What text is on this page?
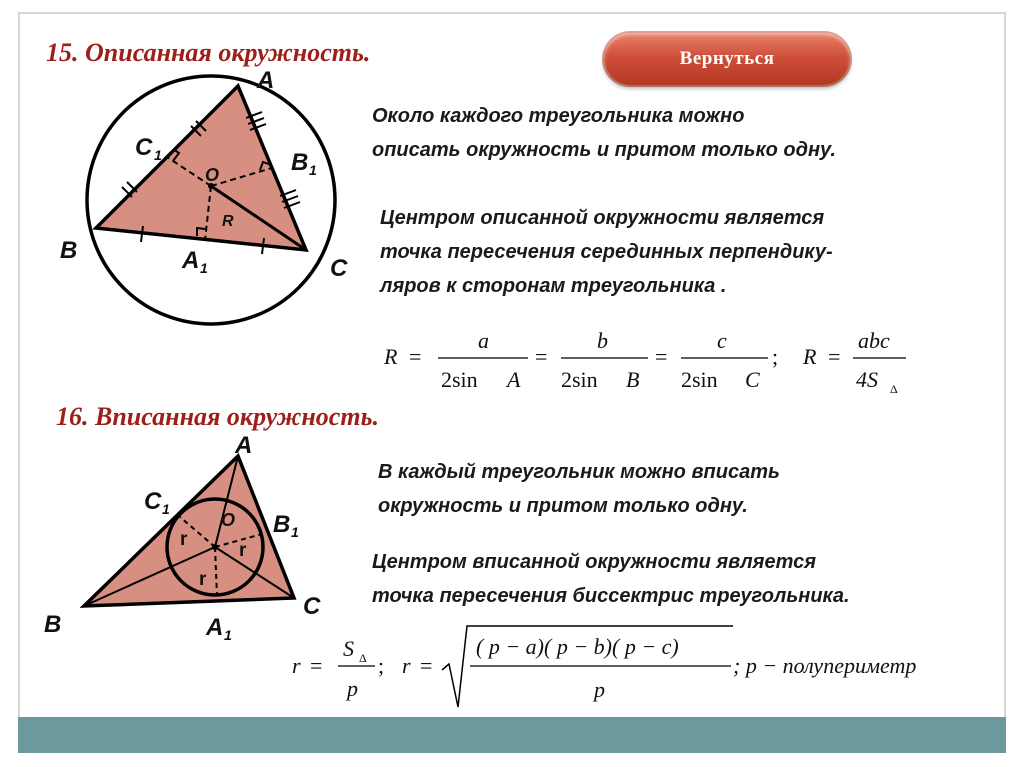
15. Описанная окружность.
16. Вписанная окружность.
Вернуться
Около каждого треугольника можно
описать окружность и притом только одну.
Центром описанной окружности является
точка пересечения серединных перпендику-
ляров к сторонам треугольника .
В каждый треугольник можно вписать
окружность и притом только одну.
Центром вписанной окружности является
точка пересечения биссектрис треугольника.
A
B
C
C 1	B 1
A 1
O
R
R =
a
2sin A
=
b
2sin B
=
c
2sin C
; R =
abc
4S Δ
A
B
C
C 1
B 1
A 1
O
r
r
r
r =
S Δ
p
; r =
( p − a)( p − b)( p − c)
p
; p − полупериметр
